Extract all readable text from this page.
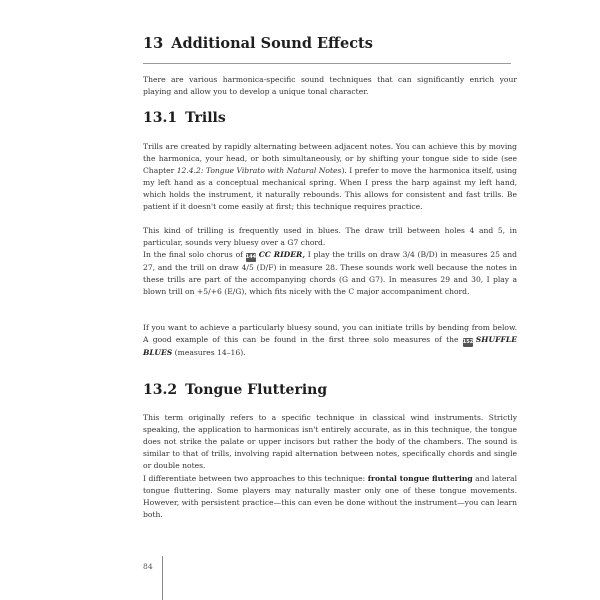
13 Additional Sound Effects

There are various harmonica-specific sound techniques that can significantly enrich your playing and allow you to develop a unique tonal character.

13.1 Trills

Trills are created by rapidly alternating between adjacent notes. You can achieve this by moving the harmonica, your head, or both simultaneously, or by shifting your tongue side to side (see Chapter 12.4.2: Tongue Vibrato with Natural Notes). I prefer to move the harmonica itself, using my left hand as a conceptual mechanical spring. When I press the harp against my left hand, which holds the instrument, it naturally rebounds. This allows for consistent and fast trills. Be patient if it doesn't come easily at first; this technique requires practice.

This kind of trilling is frequently used in blues. The draw trill between holes 4 and 5, in particular, sounds very bluesy over a G7 chord.

In the final solo chorus of 144 CC RIDER, I play the trills on draw 3/4 (B/D) in measures 25 and 27, and the trill on draw 4/5 (D/F) in measure 28. These sounds work well because the notes in these trills are part of the accompanying chords (G and G7). In measures 29 and 30, I play a blown trill on +5/+6 (E/G), which fits nicely with the C major accompaniment chord.

If you want to achieve a particularly bluesy sound, you can initiate trills by bending from below. A good example of this can be found in the first three solo measures of the 152 SHUFFLE BLUES (measures 14–16).

13.2 Tongue Fluttering

This term originally refers to a specific technique in classical wind instruments. Strictly speaking, the application to harmonicas isn't entirely accurate, as in this technique, the tongue does not strike the palate or upper incisors but rather the body of the chambers. The sound is similar to that of trills, involving rapid alternation between notes, specifically chords and single or double notes.

I differentiate between two approaches to this technique: frontal tongue fluttering and lateral tongue fluttering. Some players may naturally master only one of these tongue movements. However, with persistent practice—this can even be done without the instrument—you can learn both.

84
